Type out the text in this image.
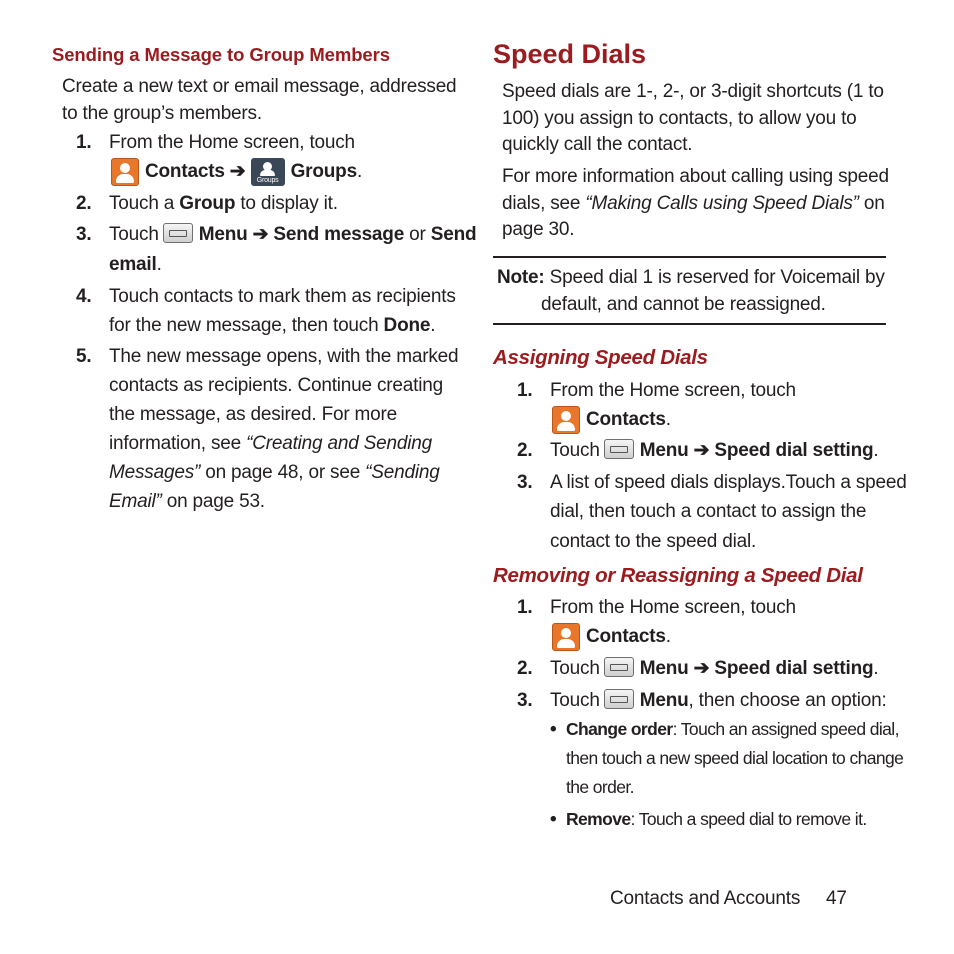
Sending a Message to Group Members
Create a new text or email message, addressed
to the group’s members.
1. From the Home screen, touch
Contacts ➔ Groups Groups.
2. Touch a Group to display it.
3. Touch Menu ➔ Send message or Send
email.
4. Touch contacts to mark them as recipients
for the new message, then touch Done.
5. The new message opens, with the marked
contacts as recipients. Continue creating
the message, as desired. For more
information, see “Creating and Sending
Messages” on page 48, or see “Sending
Email” on page 53.
Speed Dials
Speed dials are 1-, 2-, or 3-digit shortcuts (1 to
100) you assign to contacts, to allow you to
quickly call the contact.
For more information about calling using speed
dials, see “Making Calls using Speed Dials” on
page 30.
Note: Speed dial 1 is reserved for Voicemail by
default, and cannot be reassigned.
Assigning Speed Dials
1. From the Home screen, touch
Contacts.
2. Touch Menu ➔ Speed dial setting.
3. A list of speed dials displays.Touch a speed
dial, then touch a contact to assign the
contact to the speed dial.
Removing or Reassigning a Speed Dial
1. From the Home screen, touch
Contacts.
2. Touch Menu ➔ Speed dial setting.
3. Touch Menu, then choose an option:
• Change order: Touch an assigned speed dial,
then touch a new speed dial location to change
the order.
• Remove: Touch a speed dial to remove it.
Contacts and Accounts 47
